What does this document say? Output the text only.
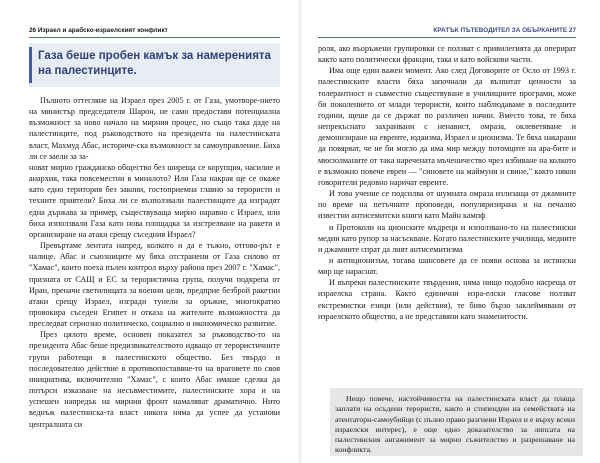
26 Израел и арабско-израелският конфликт
Газа беше пробен камък за намеренията на палестинците.

Пълното оттегляне на Израел през 2005 г. от Газа, умотворе-нието на министър председателя Шарон, не само предоставя потенциална възможност за ново начало на мирния процес, но също така даде на палестинците, под ръководството на президента на палестинската власт, Махмуд Абас, историче-ска възможност за самоуправление. Биха ли се заели за за-

новат мирно гражданско общество без ширеща се корупция, насилие и анархия, така повсеместни в миналото? Или Газа накрая ще се окаже като едно територия без закони, гостоприемна главно за терористи и техните приятели? Биха ли се възползвали палестинците да изградят една държава за пример, съществуваща мирно наравно с Израел, или биха използвали Газа като нова площадка за изстрелване на ракети и организиране на атаки срещу съседния Израел?

Превъртаме лентата напред, колкото и да е тъжно, отгово-рът е налице. Абас и съюзниците му бяха отстранени от Газа силово от "Хамас", които поеха пълен контрол върху района през 2007 г. "Хамас", призната от САЩ и ЕС за терористична група, получи подкрепа от Иран, преначи светилищата за военни цели, предприе безброй ракетни атаки срещу Израел, изгради тунели за оръжие, многократно провокира съседен Египет и отказа на жителите възможността да преследват сериозно политическо, социално и икономическо развитие.

През цялото време, основен показател за ръководство-то на президента Абас беше предизвикателството идващо от терористичните групи работещи в палестинското общество. Без твърдо и последователно действие в противопоставяне-то на враговете по своя инициатива, включително "Хамас", с които Абас имаше сделка да потърси изказване на несъвместимите, палестинските хора и на успешен напредък на мирния фронт намаляват драматично. Нито веднъж палестинска-та власт никога няма да успее да установи централната си

КРАТЪК ПЪТЕВОДИТЕЛ ЗА ОБЪРКАНИТЕ 27

роля, ако въоръжени групировки се ползват с привилегията да оперират както като политически фракции, така и като войскови части.

Има още един важен момент. Ако след Договорите от Осло от 1993 г. палестинските власти бяха започнали да възпитат ценности за толерантност и съвместно съществуване в училищните програми, може би поколението от млади терористи, които наблюдаваме в последните години, щеше да се държат по различен начин. Вместо това, те бяха непрекъснато захранвани с ненавист, омраза, оклеветяване и демонизиране на евреите, юдаизма, Израел и ционизма. Те бяха накарани да повярват, че не би могло да има мир между потомците на ара-бите и мюсюлманите от така наречената мъченичество чрез избиване на колкото е възможно повече евреи — "синовете на маймуни и свине," както някои говорители редовно наричат евреите.

И това учение се подсилва от шумната омраза излизаща от джамиите по време на петъчните проповеди, популяризирана и на печално известни антисемитски книги като Майн кампф

и Протоколи на ционските мъдреци и използвано-то на палестински медии като рупор за насъскване. Когато палестинските училища, медиите и джамиите спрат да лият антисемитизма

и антиционизъм, тогава шансовете да се появи основа за истински мир ще нараснат.

И въпреки палестинските твърдения, няма нищо подобно насреща от израелска страна. Както единични изра-елски гласове ползват екстремистки езици (или действия), те биво бързо заклеймявани от израелското общество, а не представяни като знаменитости.

Нещо повече, настойчивостта на палестинската власт да плаща заплати на осъдени терористи, както и стипендии на семействата на атентатори-самоубийци (с пълно право разгневи Израел и е върху всеки израелски интерес), е още едно доказателство за липсата на палестинския ангажимент за мирно съжителство и разрешаване на конфликта.
